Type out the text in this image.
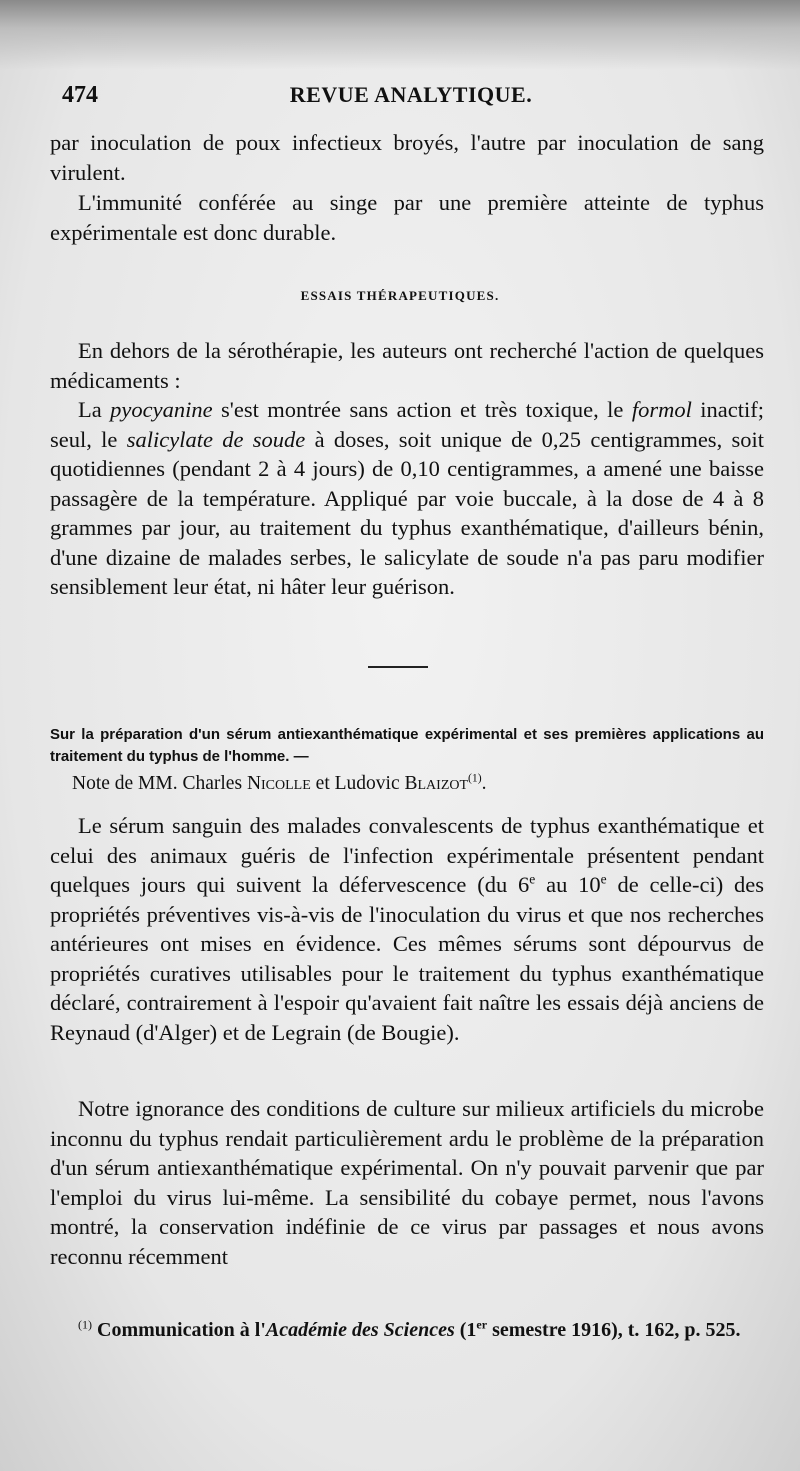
474	REVUE ANALYTIQUE.

par inoculation de poux infectieux broyés, l'autre par inoculation de sang virulent.

L'immunité conférée au singe par une première atteinte de typhus expérimentale est donc durable.

ESSAIS THÉRAPEUTIQUES.

En dehors de la sérothérapie, les auteurs ont recherché l'action de quelques médicaments :

La pyocyanine s'est montrée sans action et très toxique, le formol inactif; seul, le salicylate de soude à doses, soit unique de 0,25 centigrammes, soit quotidiennes (pendant 2 à 4 jours) de 0,10 centigrammes, a amené une baisse passagère de la température. Appliqué par voie buccale, à la dose de 4 à 8 grammes par jour, au traitement du typhus exanthématique, d'ailleurs bénin, d'une dizaine de malades serbes, le salicylate de soude n'a pas paru modifier sensiblement leur état, ni hâter leur guérison.

Sur la préparation d'un sérum antiexanthématique expérimental et ses premières applications au traitement du typhus de l'homme. —

Note de MM. Charles Nicolle et Ludovic Blaizot$^{(1)}$.

Le sérum sanguin des malades convalescents de typhus exanthématique et celui des animaux guéris de l'infection expérimentale présentent pendant quelques jours qui suivent la défervescence (du 6e au 10e de celle-ci) des propriétés préventives vis-à-vis de l'inoculation du virus et que nos recherches antérieures ont mises en évidence. Ces mêmes sérums sont dépourvus de propriétés curatives utilisables pour le traitement du typhus exanthématique déclaré, contrairement à l'espoir qu'avaient fait naître les essais déjà anciens de Reynaud (d'Alger) et de Legrain (de Bougie).

Notre ignorance des conditions de culture sur milieux artificiels du microbe inconnu du typhus rendait particulièrement ardu le problème de la préparation d'un sérum antiexanthématique expérimental. On n'y pouvait parvenir que par l'emploi du virus lui-même. La sensibilité du cobaye permet, nous l'avons montré, la conservation indéfinie de ce virus par passages et nous avons reconnu récemment

$^{(1)}$ Communication à l'Académie des Sciences (1er semestre 1916), t. 162, p. 525.
